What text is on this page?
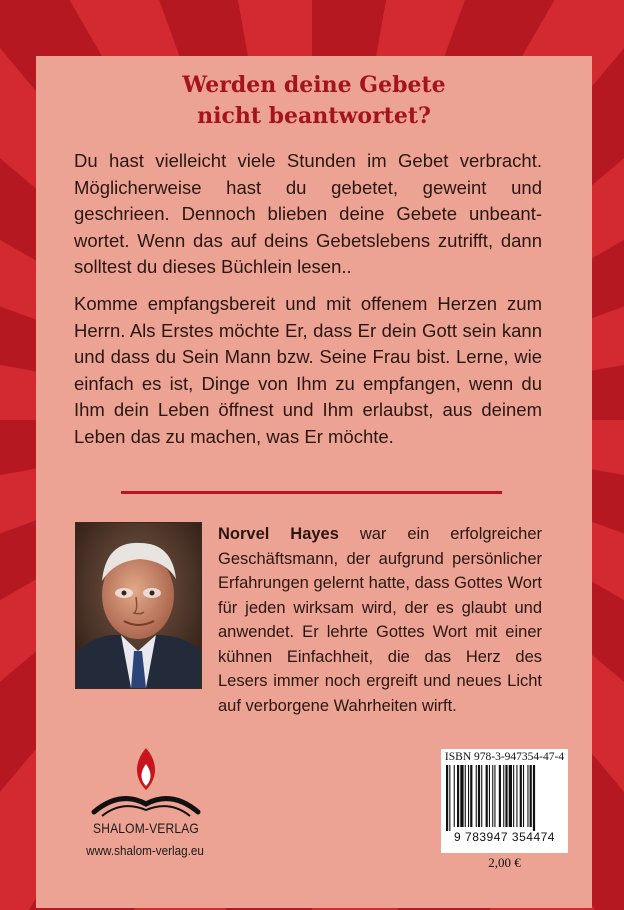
Werden deine Gebete
nicht beantwortet?

Du hast vielleicht viele Stunden im Gebet verbracht. Möglicherweise hast du gebetet, geweint und geschrieen. Dennoch blieben deine Gebete unbeant-wortet. Wenn das auf deins Gebetslebens zutrifft, dann solltest du dieses Büchlein lesen..

Komme empfangsbereit und mit offenem Herzen zum Herrn. Als Erstes möchte Er, dass Er dein Gott sein kann und dass du Sein Mann bzw. Seine Frau bist. Lerne, wie einfach es ist, Dinge von Ihm zu empfangen, wenn du Ihm dein Leben öffnest und Ihm erlaubst, aus deinem Leben das zu machen, was Er möchte.

Norvel Hayes war ein erfolgreicher Geschäftsmann, der aufgrund persönlicher Erfahrungen gelernt hatte, dass Gottes Wort für jeden wirksam wird, der es glaubt und anwendet. Er lehrte Gottes Wort mit einer kühnen Einfachheit, die das Herz des Lesers immer noch ergreift und neues Licht auf verborgene Wahrheiten wirft.

SHALOM-VERLAG
www.shalom-verlag.eu
ISBN 978-3-947354-47-4
9 783947 354474
2,00 €
